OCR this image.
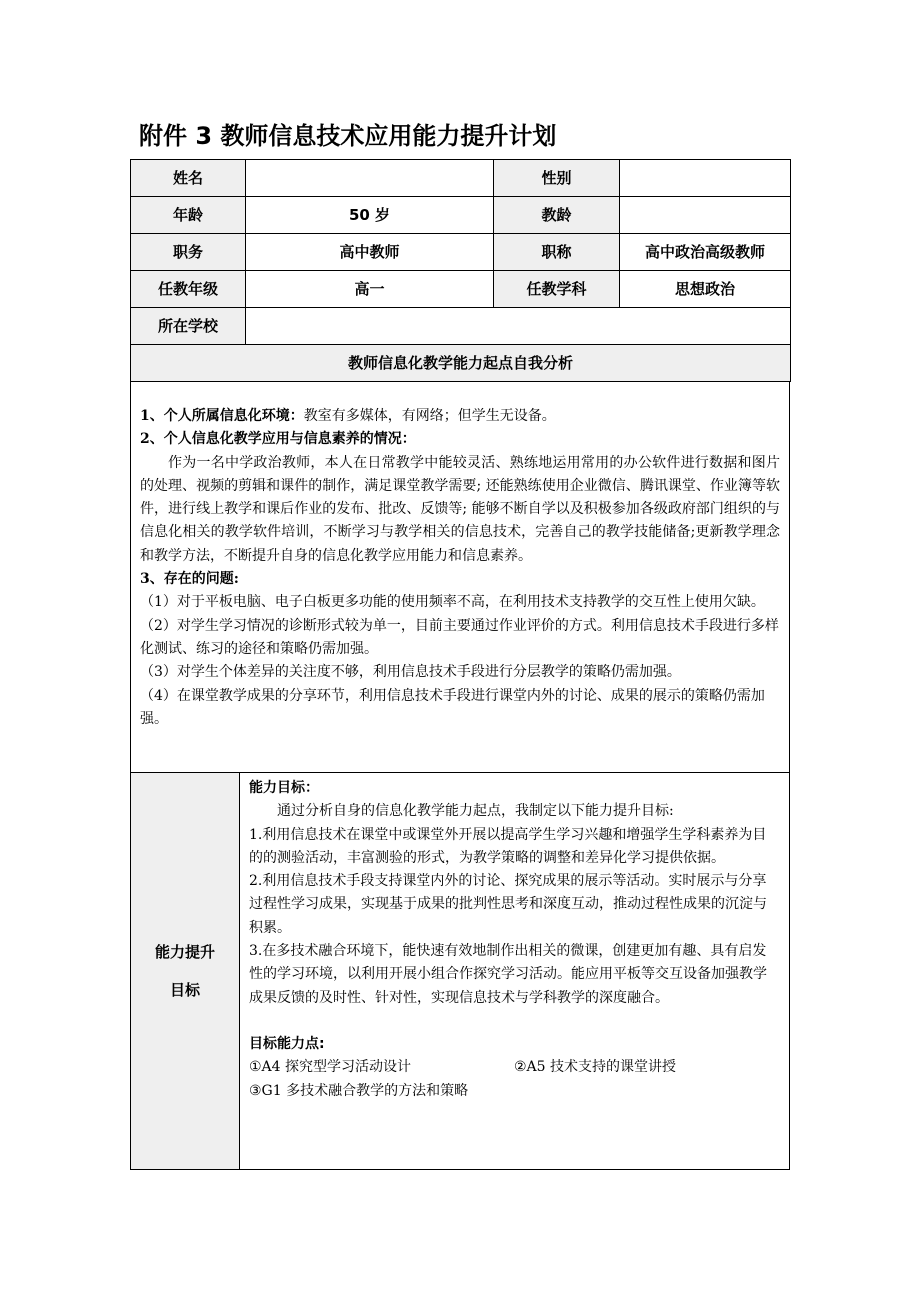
附件 3 教师信息技术应用能力提升计划
姓名		性别	
年龄	50 岁	教龄	
职务	高中教师	职称	高中政治高级教师
任教年级	高一	任教学科	思想政治
所在学校			
教师信息化教学能力起点自我分析			

1、个人所属信息化环境：教室有多媒体，有网络；但学生无设备。

2、个人信息化教学应用与信息素养的情况：

作为一名中学政治教师，本人在日常教学中能较灵活、熟练地运用常用的办公软件进行数据和图片的处理、视频的剪辑和课件的制作，满足课堂教学需要; 还能熟练使用企业微信、腾讯课堂、作业簿等软件，进行线上教学和课后作业的发布、批改、反馈等; 能够不断自学以及积极参加各级政府部门组织的与信息化相关的教学软件培训，不断学习与教学相关的信息技术，完善自己的教学技能储备;更新教学理念和教学方法，不断提升自身的信息化教学应用能力和信息素养。

3、存在的问题:

（1）对于平板电脑、电子白板更多功能的使用频率不高，在利用技术支持教学的交互性上使用欠缺。

（2）对学生学习情况的诊断形式较为单一，目前主要通过作业评价的方式。利用信息技术手段进行多样化测试、练习的途径和策略仍需加强。

（3）对学生个体差异的关注度不够，利用信息技术手段进行分层教学的策略仍需加强。

（4）在课堂教学成果的分享环节，利用信息技术手段进行课堂内外的讨论、成果的展示的策略仍需加强。

能力提升
目标

能力目标：

通过分析自身的信息化教学能力起点，我制定以下能力提升目标:

1.利用信息技术在课堂中或课堂外开展以提高学生学习兴趣和增强学生学科素养为目的的测验活动，丰富测验的形式，为教学策略的调整和差异化学习提供依据。

2.利用信息技术手段支持课堂内外的讨论、探究成果的展示等活动。实时展示与分享过程性学习成果，实现基于成果的批判性思考和深度互动，推动过程性成果的沉淀与积累。

3.在多技术融合环境下，能快速有效地制作出相关的微课，创建更加有趣、具有启发性的学习环境，以利用开展小组合作探究学习活动。能应用平板等交互设备加强教学成果反馈的及时性、针对性，实现信息技术与学科教学的深度融合。

目标能力点:

①A4 探究型学习活动设计	②A5 技术支持的课堂讲授

③G1 多技术融合教学的方法和策略
